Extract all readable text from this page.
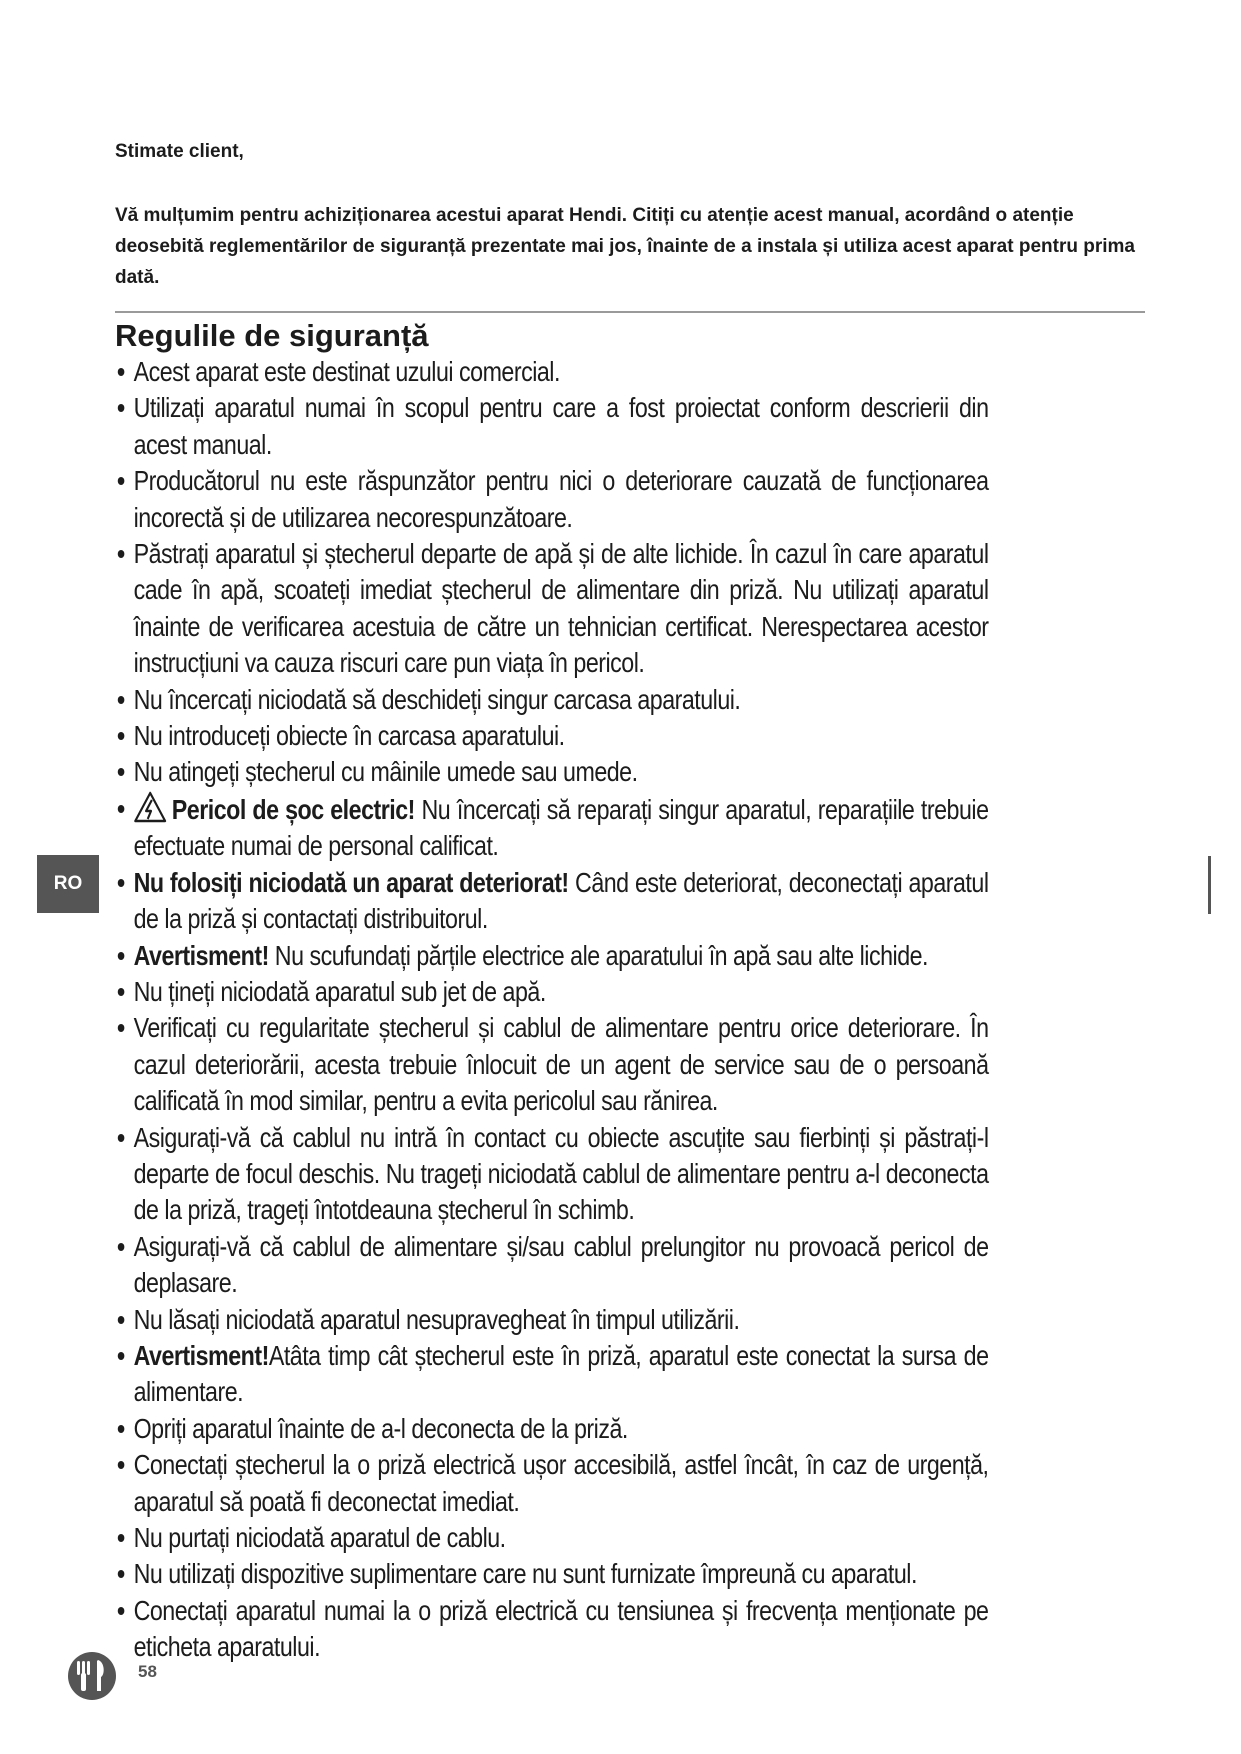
Stimate client,

Vă mulțumim pentru achiziționarea acestui aparat Hendi. Citiți cu atenție acest manual, acordând o atenție deosebită reglementărilor de siguranță prezentate mai jos, înainte de a instala și utiliza acest aparat pentru prima dată.

Regulile de siguranță
• Acest aparat este destinat uzului comercial.
• Utilizați aparatul numai în scopul pentru care a fost proiectat conform descrierii din acest manual.
• Producătorul nu este răspunzător pentru nici o deteriorare cauzată de funcționarea incorectă și de utilizarea necorespunzătoare.
• Păstrați aparatul și ștecherul departe de apă și de alte lichide. În cazul în care aparatul cade în apă, scoateți imediat ștecherul de alimentare din priză. Nu utilizați aparatul înainte de verificarea acestuia de către un tehnician certificat. Nerespectarea acestor instrucțiuni va cauza riscuri care pun viața în pericol.
• Nu încercați niciodată să deschideți singur carcasa aparatului.
• Nu introduceți obiecte în carcasa aparatului.
• Nu atingeți ștecherul cu mâinile umede sau umede.
• Pericol de șoc electric! Nu încercați să reparați singur aparatul, reparațiile trebuie efectuate numai de personal calificat.
• Nu folosiți niciodată un aparat deteriorat! Când este deteriorat, deconectați aparatul de la priză și contactați distribuitorul.
• Avertisment! Nu scufundați părțile electrice ale aparatului în apă sau alte lichide.
• Nu țineți niciodată aparatul sub jet de apă.
• Verificați cu regularitate ștecherul și cablul de alimentare pentru orice deteriorare. În cazul deteriorării, acesta trebuie înlocuit de un agent de service sau de o persoană calificată în mod similar, pentru a evita pericolul sau rănirea.
• Asigurați-vă că cablul nu intră în contact cu obiecte ascuțite sau fierbinți și păstrați-l departe de focul deschis. Nu trageți niciodată cablul de alimentare pentru a-l deconecta de la priză, trageți întotdeauna ștecherul în schimb.
• Asigurați-vă că cablul de alimentare și/sau cablul prelungitor nu provoacă pericol de deplasare.
• Nu lăsați niciodată aparatul nesupravegheat în timpul utilizării.
• Avertisment!Atâta timp cât ștecherul este în priză, aparatul este conectat la sursa de alimentare.
• Opriți aparatul înainte de a-l deconecta de la priză.
• Conectați ștecherul la o priză electrică ușor accesibilă, astfel încât, în caz de urgență, aparatul să poată fi deconectat imediat.
• Nu purtați niciodată aparatul de cablu.
• Nu utilizați dispozitive suplimentare care nu sunt furnizate împreună cu aparatul.
• Conectați aparatul numai la o priză electrică cu tensiunea și frecvența menționate pe eticheta aparatului.
RO
58
